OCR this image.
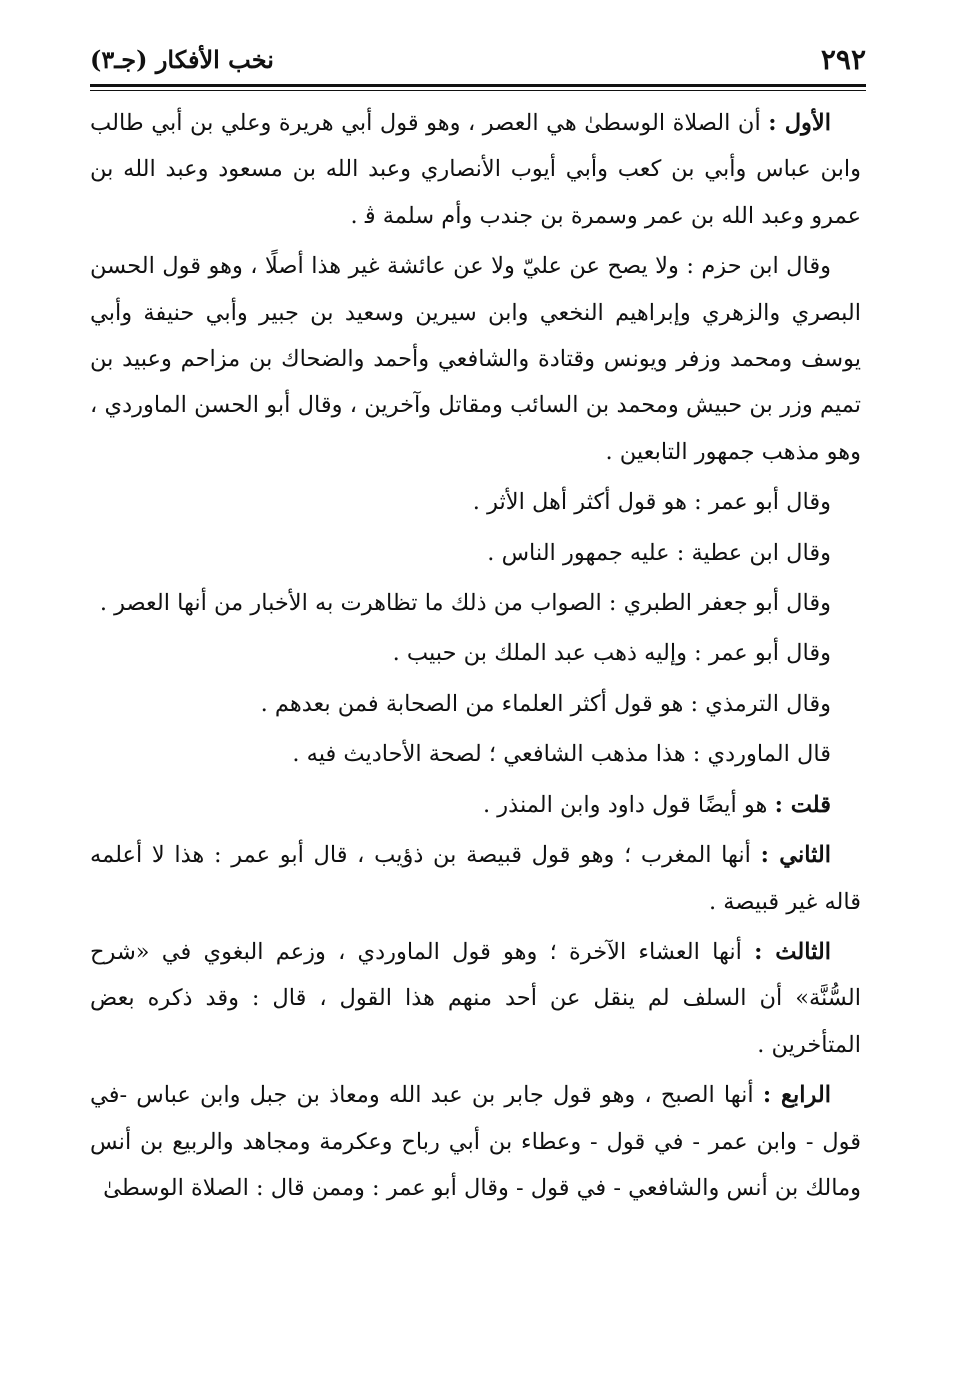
٢٩٢
نخب الأفكار (جـ٣)

الأول : أن الصلاة الوسطىٰ هي العصر ، وهو قول أبي هريرة وعلي بن أبي طالب وابن عباس وأبي بن كعب وأبي أيوب الأنصاري وعبد الله بن مسعود وعبد الله بن عمرو وعبد الله بن عمر وسمرة بن جندب وأم سلمة ﭬ .

وقال ابن حزم : ولا يصح عن عليّ ولا عن عائشة غير هذا أصلًا ، وهو قول الحسن البصري والزهري وإبراهيم النخعي وابن سيرين وسعيد بن جبير وأبي حنيفة وأبي يوسف ومحمد وزفر ويونس وقتادة والشافعي وأحمد والضحاك بن مزاحم وعبيد بن تميم وزر بن حبيش ومحمد بن السائب ومقاتل وآخرين ، وقال أبو الحسن الماوردي ، وهو مذهب جمهور التابعين .

وقال أبو عمر : هو قول أكثر أهل الأثر .

وقال ابن عطية : عليه جمهور الناس .

وقال أبو جعفر الطبري : الصواب من ذلك ما تظاهرت به الأخبار من أنها العصر .

وقال أبو عمر : وإليه ذهب عبد الملك بن حبيب .

وقال الترمذي : هو قول أكثر العلماء من الصحابة فمن بعدهم .

قال الماوردي : هذا مذهب الشافعي ؛ لصحة الأحاديث فيه .

قلت : هو أيضًا قول داود وابن المنذر .

الثاني : أنها المغرب ؛ وهو قول قبيصة بن ذؤيب ، قال أبو عمر : هذا لا أعلمه قاله غير قبيصة .

الثالث : أنها العشاء الآخرة ؛ وهو قول الماوردي ، وزعم البغوي في «شرح السُّنَّة» أن السلف لم ينقل عن أحد منهم هذا القول ، قال : وقد ذكره بعض المتأخرين .

الرابع : أنها الصبح ، وهو قول جابر بن عبد الله ومعاذ بن جبل وابن عباس -في قول - وابن عمر - في قول - وعطاء بن أبي رباح وعكرمة ومجاهد والربيع بن أنس ومالك بن أنس والشافعي - في قول - وقال أبو عمر : وممن قال : الصلاة الوسطىٰ
